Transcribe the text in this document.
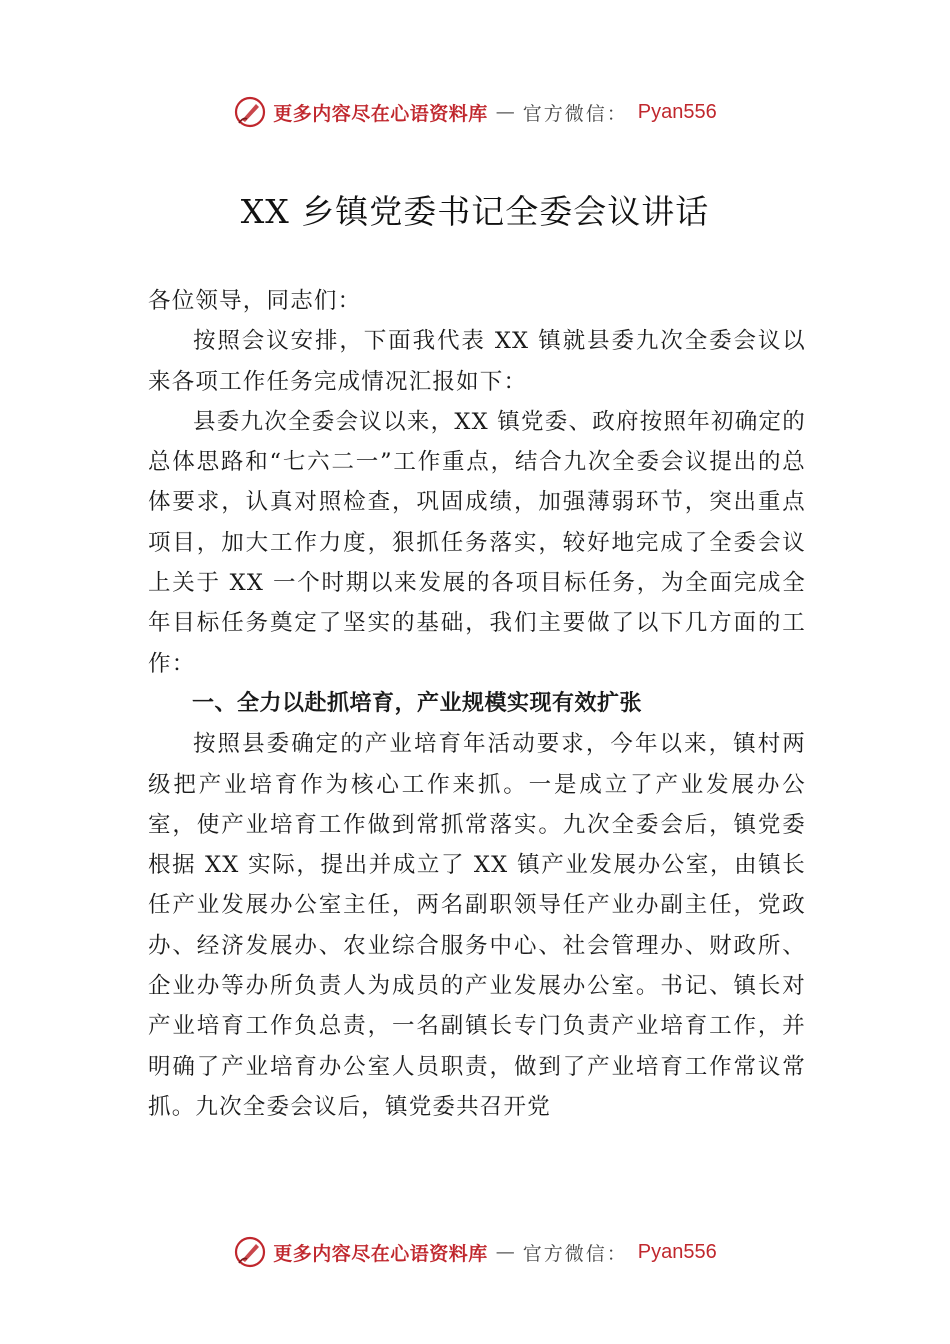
更多内容尽在心语资料库 — 官方微信： Pyan556
XX 乡镇党委书记全委会议讲话

各位领导，同志们：

按照会议安排，下面我代表 XX 镇就县委九次全委会议以来各项工作任务完成情况汇报如下：

县委九次全委会议以来，XX 镇党委、政府按照年初确定的总体思路和“七六二一”工作重点，结合九次全委会议提出的总体要求，认真对照检查，巩固成绩，加强薄弱环节，突出重点项目，加大工作力度，狠抓任务落实，较好地完成了全委会议上关于 XX 一个时期以来发展的各项目标任务，为全面完成全年目标任务奠定了坚实的基础，我们主要做了以下几方面的工作：

一、全力以赴抓培育，产业规模实现有效扩张

按照县委确定的产业培育年活动要求，今年以来，镇村两级把产业培育作为核心工作来抓。一是成立了产业发展办公室，使产业培育工作做到常抓常落实。九次全委会后，镇党委根据 XX 实际，提出并成立了 XX 镇产业发展办公室，由镇长任产业发展办公室主任，两名副职领导任产业办副主任，党政办、经济发展办、农业综合服务中心、社会管理办、财政所、企业办等办所负责人为成员的产业发展办公室。书记、镇长对产业培育工作负总责，一名副镇长专门负责产业培育工作，并明确了产业培育办公室人员职责，做到了产业培育工作常议常抓。九次全委会议后，镇党委共召开党

更多内容尽在心语资料库 — 官方微信： Pyan556
